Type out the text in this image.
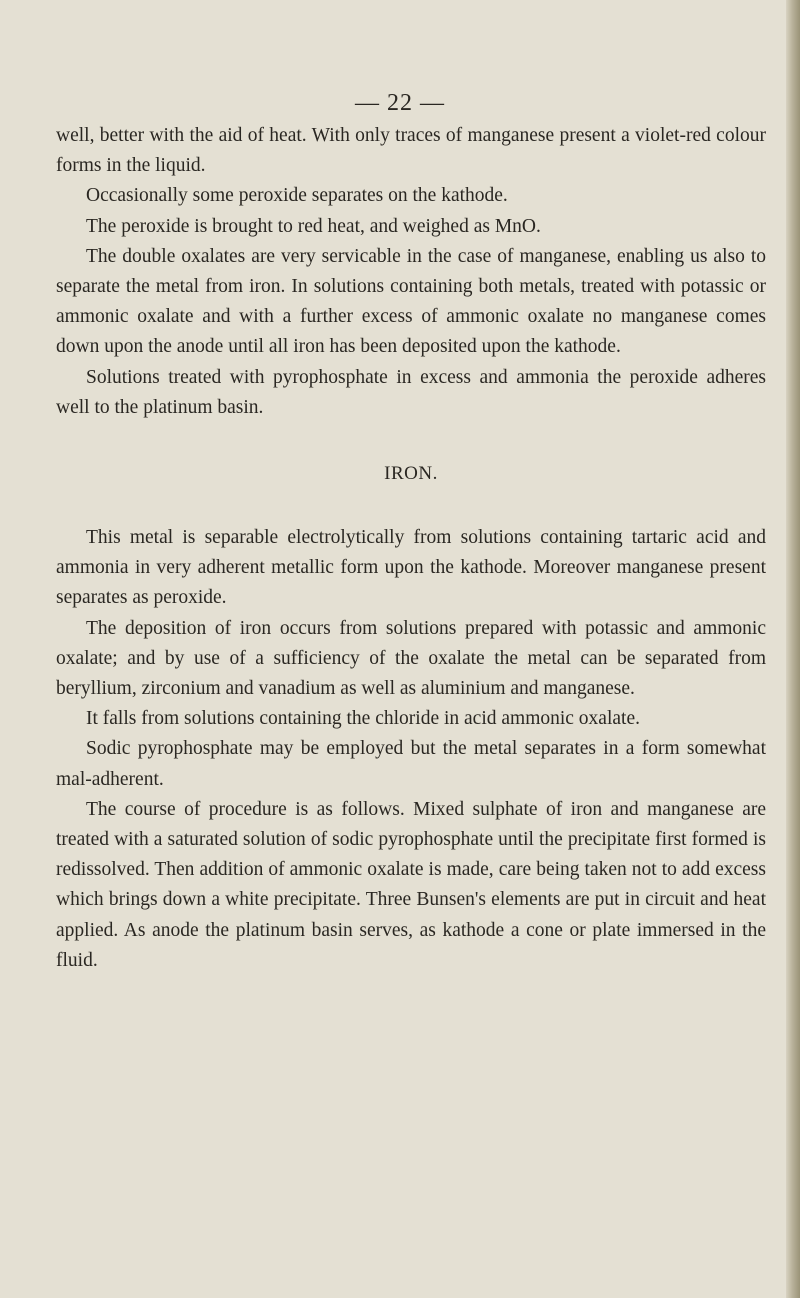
— 22 —

well, better with the aid of heat. With only traces of manganese present a violet-red colour forms in the liquid.

Occasionally some peroxide separates on the kathode.

The peroxide is brought to red heat, and weighed as MnO.

The double oxalates are very servicable in the case of manganese, enabling us also to separate the metal from iron. In solutions containing both metals, treated with potassic or ammonic oxalate and with a further excess of ammonic oxalate no manganese comes down upon the anode until all iron has been deposited upon the kathode.

Solutions treated with pyrophosphate in excess and ammonia the peroxide adheres well to the platinum basin.

IRON.

This metal is separable electrolytically from solutions containing tartaric acid and ammonia in very adherent metallic form upon the kathode. Moreover manganese present separates as peroxide.

The deposition of iron occurs from solutions prepared with potassic and ammonic oxalate; and by use of a sufficiency of the oxalate the metal can be separated from beryllium, zirconium and vanadium as well as aluminium and manganese.

It falls from solutions containing the chloride in acid ammonic oxalate.

Sodic pyrophosphate may be employed but the metal separates in a form somewhat mal-adherent.

The course of procedure is as follows. Mixed sulphate of iron and manganese are treated with a saturated solution of sodic pyrophosphate until the precipitate first formed is redissolved. Then addition of ammonic oxalate is made, care being taken not to add excess which brings down a white precipitate. Three Bunsen's elements are put in circuit and heat applied. As anode the platinum basin serves, as kathode a cone or plate immersed in the fluid.
